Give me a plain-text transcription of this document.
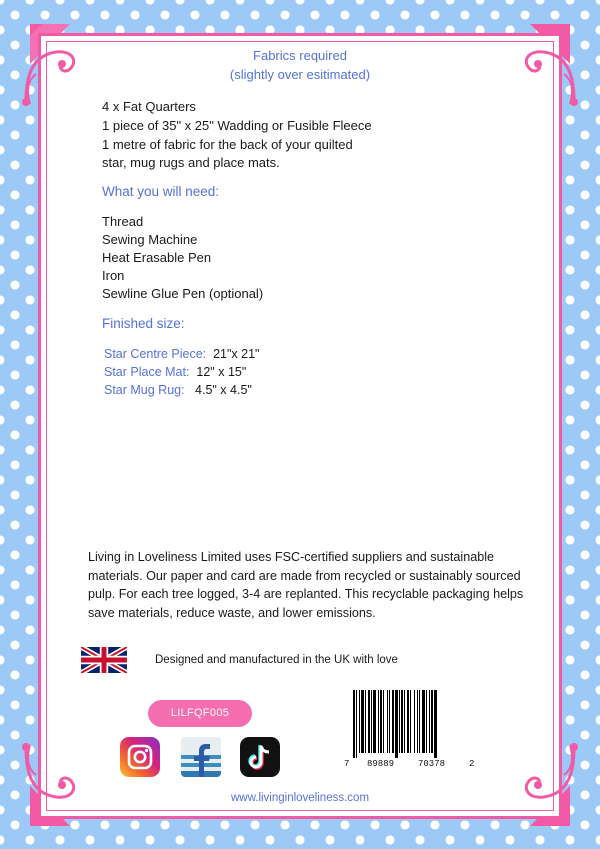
Fabrics required
(slightly over esitimated)
4 x Fat Quarters
1 piece of 35" x 25" Wadding or Fusible Fleece
1 metre of fabric for the back of your quilted
star, mug rugs and place mats.
What you will need:
Thread
Sewing Machine
Heat Erasable Pen
Iron
Sewline Glue Pen (optional)
Finished size:
Star Centre Piece: 21"x 21"
Star Place Mat: 12" x 15"
Star Mug Rug: 4.5" x 4.5"
Living in Loveliness Limited uses FSC-certified suppliers and sustainable materials. Our paper and card are made from recycled or sustainably sourced pulp. For each tree logged, 3-4 are replanted. This recyclable packaging helps save materials, reduce waste, and lower emissions.
Designed and manufactured in the UK with love
LILFQF005
7 89889	70378	2
www.livinginloveliness.com
